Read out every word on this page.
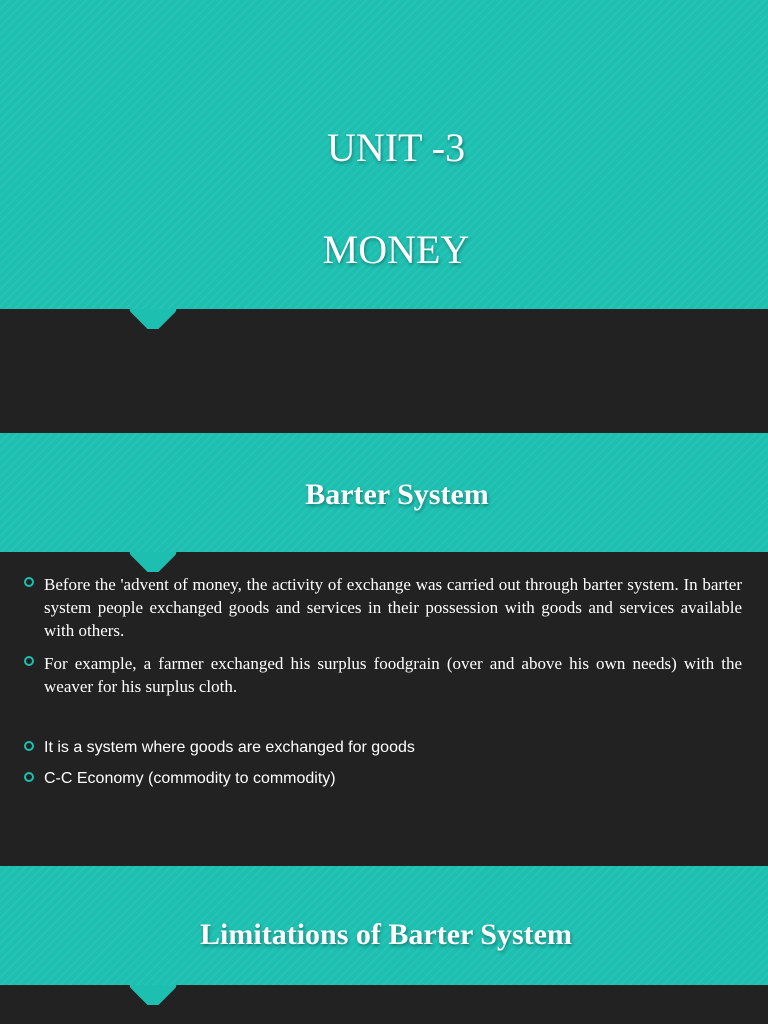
UNIT -3
MONEY
Barter System
Before the 'advent of money, the activity of exchange was carried out through barter system. In barter system people exchanged goods and services in their possession with goods and services available with others.
For example, a farmer exchanged his surplus foodgrain (over and above his own needs) with the weaver for his surplus cloth.
It is a system where goods are exchanged for goods
C-C Economy (commodity to commodity)
Limitations of Barter System
